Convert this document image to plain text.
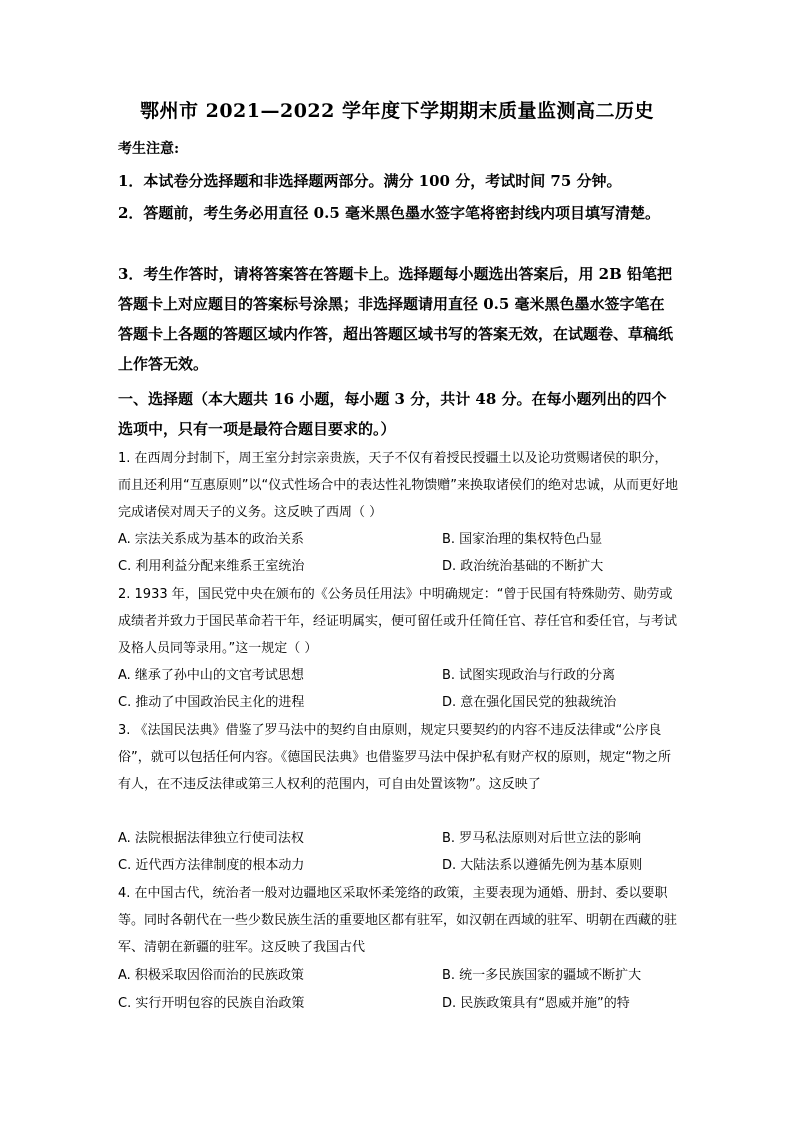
鄂州市 2021—2022 学年度下学期期末质量监测高二历史
考生注意:
1．本试卷分选择题和非选择题两部分。满分 100 分，考试时间 75 分钟。
2．答题前，考生务必用直径 0.5 毫米黑色墨水签字笔将密封线内项目填写清楚。
3．考生作答时，请将答案答在答题卡上。选择题每小题选出答案后，用 2B 铅笔把答题卡上对应题目的答案标号涂黑；非选择题请用直径 0.5 毫米黑色墨水签字笔在答题卡上各题的答题区域内作答，超出答题区域书写的答案无效，在试题卷、草稿纸上作答无效。
一、选择题（本大题共 16 小题，每小题 3 分，共计 48 分。在每小题列出的四个选项中，只有一项是最符合题目要求的。）
1. 在西周分封制下，周王室分封宗亲贵族，天子不仅有着授民授疆土以及论功赏赐诸侯的职分，而且还利用“互惠原则”以“仪式性场合中的表达性礼物馈赠”来换取诸侯们的绝对忠诚，从而更好地完成诸侯对周天子的义务。这反映了西周（ ）
A. 宗法关系成为基本的政治关系	B. 国家治理的集权特色凸显
C. 利用利益分配来维系王室统治	D. 政治统治基础的不断扩大
2. 1933 年，国民党中央在颁布的《公务员任用法》中明确规定：“曾于民国有特殊勋劳、勋劳或成绩者并致力于国民革命若干年，经证明属实，便可留任或升任简任官、荐任官和委任官，与考试及格人员同等录用。”这一规定（ ）
A. 继承了孙中山的文官考试思想	B. 试图实现政治与行政的分离
C. 推动了中国政治民主化的进程	D. 意在强化国民党的独裁统治
3. 《法国民法典》借鉴了罗马法中的契约自由原则，规定只要契约的内容不违反法律或“公序良俗”，就可以包括任何内容。《德国民法典》也借鉴罗马法中保护私有财产权的原则，规定“物之所有人，在不违反法律或第三人权利的范围内，可自由处置该物”。这反映了
A. 法院根据法律独立行使司法权	B. 罗马私法原则对后世立法的影响
C. 近代西方法律制度的根本动力	D. 大陆法系以遵循先例为基本原则
4. 在中国古代，统治者一般对边疆地区采取怀柔笼络的政策，主要表现为通婚、册封、委以要职等。同时各朝代在一些少数民族生活的重要地区都有驻军，如汉朝在西域的驻军、明朝在西藏的驻军、清朝在新疆的驻军。这反映了我国古代
A. 积极采取因俗而治的民族政策	B. 统一多民族国家的疆域不断扩大
C. 实行开明包容的民族自治政策	D. 民族政策具有“恩威并施”的特
